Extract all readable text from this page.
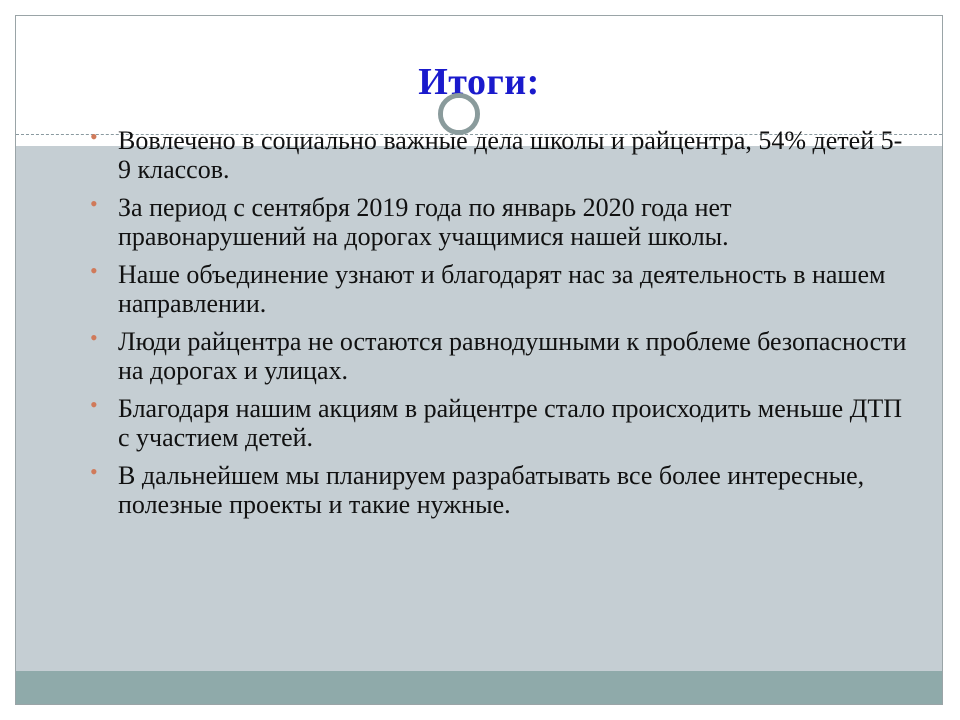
Итоги:
• Вовлечено в социально важные дела школы и райцентра, 54% детей 5-9 классов.
• За период с сентября 2019 года по январь 2020 года нет правонарушений на дорогах учащимися нашей школы.
• Наше объединение узнают и благодарят нас за деятельность в нашем направлении.
• Люди райцентра не остаются равнодушными к проблеме безопасности на дорогах и улицах.
• Благодаря нашим акциям в райцентре стало происходить меньше ДТП с участием детей.
• В дальнейшем мы планируем разрабатывать все более интересные, полезные проекты и такие нужные.
